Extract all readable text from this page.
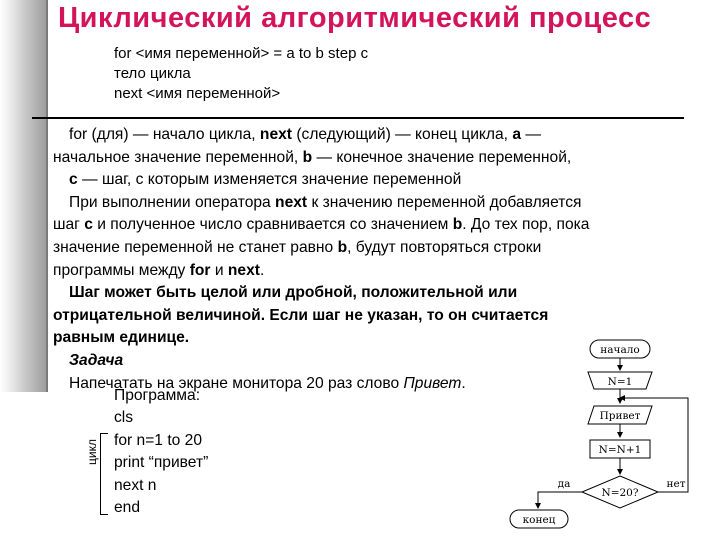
Циклический алгоритмический процесс
for <имя переменной> = a to b step c
тело цикла
next <имя переменной>
for (для) — начало цикла, next (следующий) — конец цикла, a —
начальное значение переменной, b — конечное значение переменной,
c — шаг, с которым изменяется значение переменной
При выполнении оператора next к значению переменной добавляется
шаг c и полученное число сравнивается со значением b. До тех пор, пока
значение переменной не станет равно b, будут повторяться строки
программы между for и next.
Шаг может быть целой или дробной, положительной или
отрицательной величиной. Если шаг не указан, то он считается
равным единице.
Задача
Напечатать на экране монитора 20 раз слово Привет.
Программа:
cls
for n=1 to 20
print “привет”
next n
end
цикл
начало
N=1
Привет
N=N+1
N=20?
нет
да
конец
